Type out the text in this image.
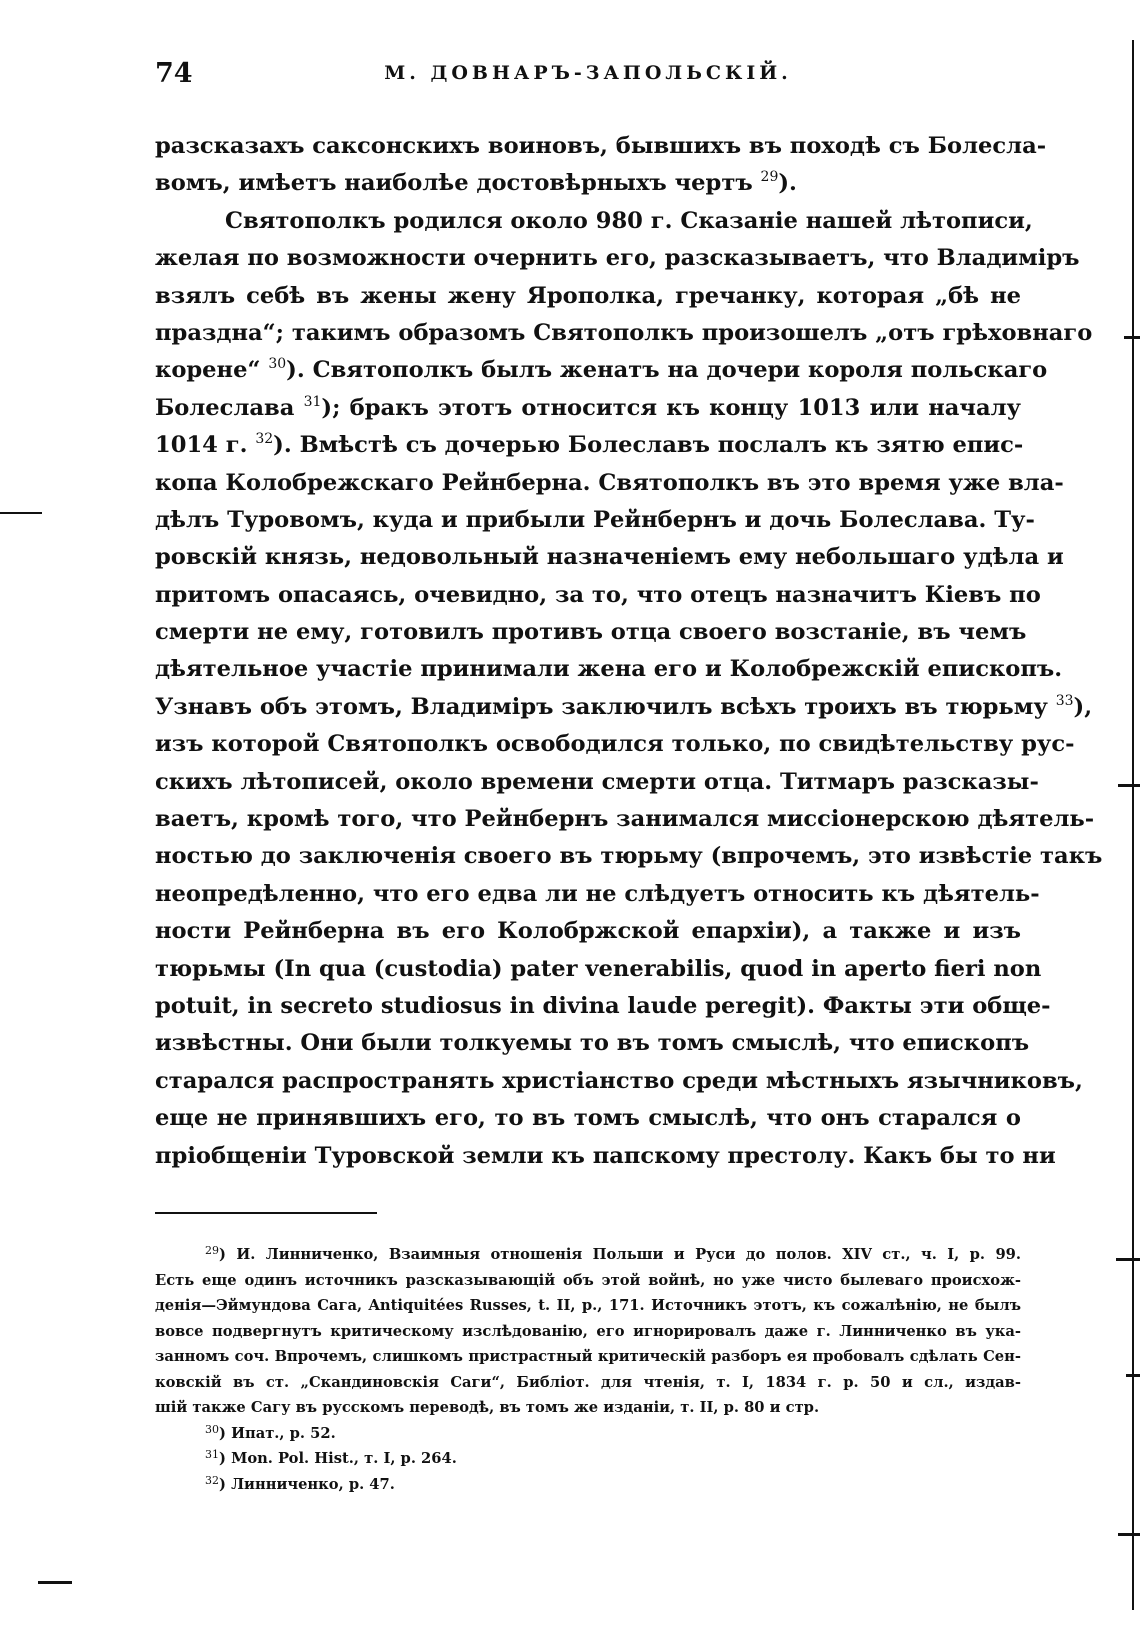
74	М. ДОВНАРЪ-ЗАПОЛЬСКІЙ.
разсказахъ саксонскихъ воиновъ, бывшихъ въ походѣ съ Болесла-
вомъ, имѣетъ наиболѣе достовѣрныхъ чертъ $^{29}$).
Святополкъ родился около 980 г. Сказаніе нашей лѣтописи,
желая по возможности очернить его, разсказываетъ, что Владиміръ
взялъ себѣ въ жены жену Ярополка, гречанку, которая „бѣ не
праздна“; такимъ образомъ Святополкъ произошелъ „отъ грѣховнаго
корене“ $^{30}$). Святополкъ былъ женатъ на дочери короля польскаго
Болеслава $^{31}$); бракъ этотъ относится къ концу 1013 или началу
1014 г. $^{32}$). Вмѣстѣ съ дочерью Болеславъ послалъ къ зятю епис-
копа Колобрежскаго Рейнберна. Святополкъ въ это время уже вла-
дѣлъ Туровомъ, куда и прибыли Рейнбернъ и дочь Болеслава. Ту-
ровскій князь, недовольный назначеніемъ ему небольшаго удѣла и
притомъ опасаясь, очевидно, за то, что отецъ назначитъ Кіевъ по
смерти не ему, готовилъ противъ отца своего возстаніе, въ чемъ
дѣятельное участіе принимали жена его и Колобрежскій епископъ.
Узнавъ объ этомъ, Владиміръ заключилъ всѣхъ троихъ въ тюрьму $^{33}$),
изъ которой Святополкъ освободился только, по свидѣтельству рус-
скихъ лѣтописей, около времени смерти отца. Титмаръ разсказы-
ваетъ, кромѣ того, что Рейнбернъ занимался миссіонерскою дѣятель-
ностью до заключенія своего въ тюрьму (впрочемъ, это извѣстіе такъ
неопредѣленно, что его едва ли не слѣдуетъ относить къ дѣятель-
ности Рейнберна въ его Колобржской епархіи), а также и изъ
тюрьмы (In qua (custodia) pater venerabilis, quod in aperto fieri non
potuit, in secreto studiosus in divina laude peregit). Факты эти обще-
извѣстны. Они были толкуемы то въ томъ смыслѣ, что епископъ
старался распространять христіанство среди мѣстныхъ язычниковъ,
еще не принявшихъ его, то въ томъ смыслѣ, что онъ старался о
пріобщеніи Туровской земли къ папскому престолу. Какъ бы то ни
$^{29}$) И. Линниченко, Взаимныя отношенія Польши и Руси до полов. XIV ст., ч. I, р. 99.
Есть еще одинъ источникъ разсказывающій объ этой войнѣ, но уже чисто былеваго происхож-
денія—Эймундова Сага, Antiquitées Russes, t. II, р., 171. Источникъ этотъ, къ сожалѣнію, не былъ
вовсе подвергнутъ критическому изслѣдованію, его игнорировалъ даже г. Линниченко въ ука-
занномъ соч. Впрочемъ, слишкомъ пристрастный критическій разборъ ея пробовалъ сдѣлать Сен-
ковскій въ ст. „Скандиновскія Саги“, Библіот. для чтенія, т. I, 1834 г. р. 50 и сл., издав-
шій также Сагу въ русскомъ переводѣ, въ томъ же изданіи, т. II, р. 80 и стр.
$^{30}$) Ипат., р. 52.
$^{31}$) Mon. Pol. Hist., т. I, р. 264.
$^{32}$) Линниченко, р. 47.
